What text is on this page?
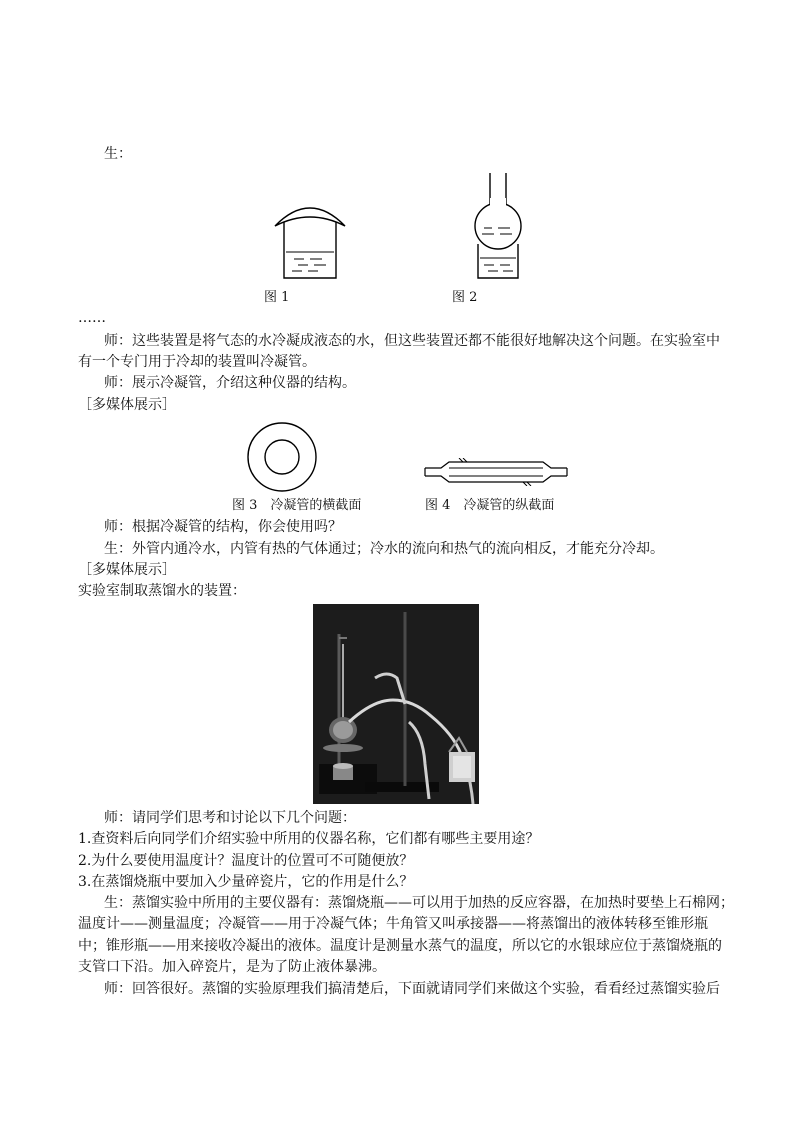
生：
图 1	图 2
……
师：这些装置是将气态的水冷凝成液态的水，但这些装置还都不能很好地解决这个问题。在实验室中
有一个专门用于冷却的装置叫冷凝管。
师：展示冷凝管，介绍这种仪器的结构。
［多媒体展示］
图 3　冷凝管的横截面	图 4　冷凝管的纵截面
师：根据冷凝管的结构，你会使用吗？
生：外管内通冷水，内管有热的气体通过；冷水的流向和热气的流向相反，才能充分冷却。
［多媒体展示］
实验室制取蒸馏水的装置：
师：请同学们思考和讨论以下几个问题：
1.查资料后向同学们介绍实验中所用的仪器名称，它们都有哪些主要用途？
2.为什么要使用温度计？温度计的位置可不可随便放？
3.在蒸馏烧瓶中要加入少量碎瓷片，它的作用是什么？
生：蒸馏实验中所用的主要仪器有：蒸馏烧瓶——可以用于加热的反应容器，在加热时要垫上石棉网；
温度计——测量温度；冷凝管——用于冷凝气体；牛角管又叫承接器——将蒸馏出的液体转移至锥形瓶
中；锥形瓶——用来接收冷凝出的液体。温度计是测量水蒸气的温度，所以它的水银球应位于蒸馏烧瓶的
支管口下沿。加入碎瓷片，是为了防止液体暴沸。
师：回答很好。蒸馏的实验原理我们搞清楚后，下面就请同学们来做这个实验，看看经过蒸馏实验后
